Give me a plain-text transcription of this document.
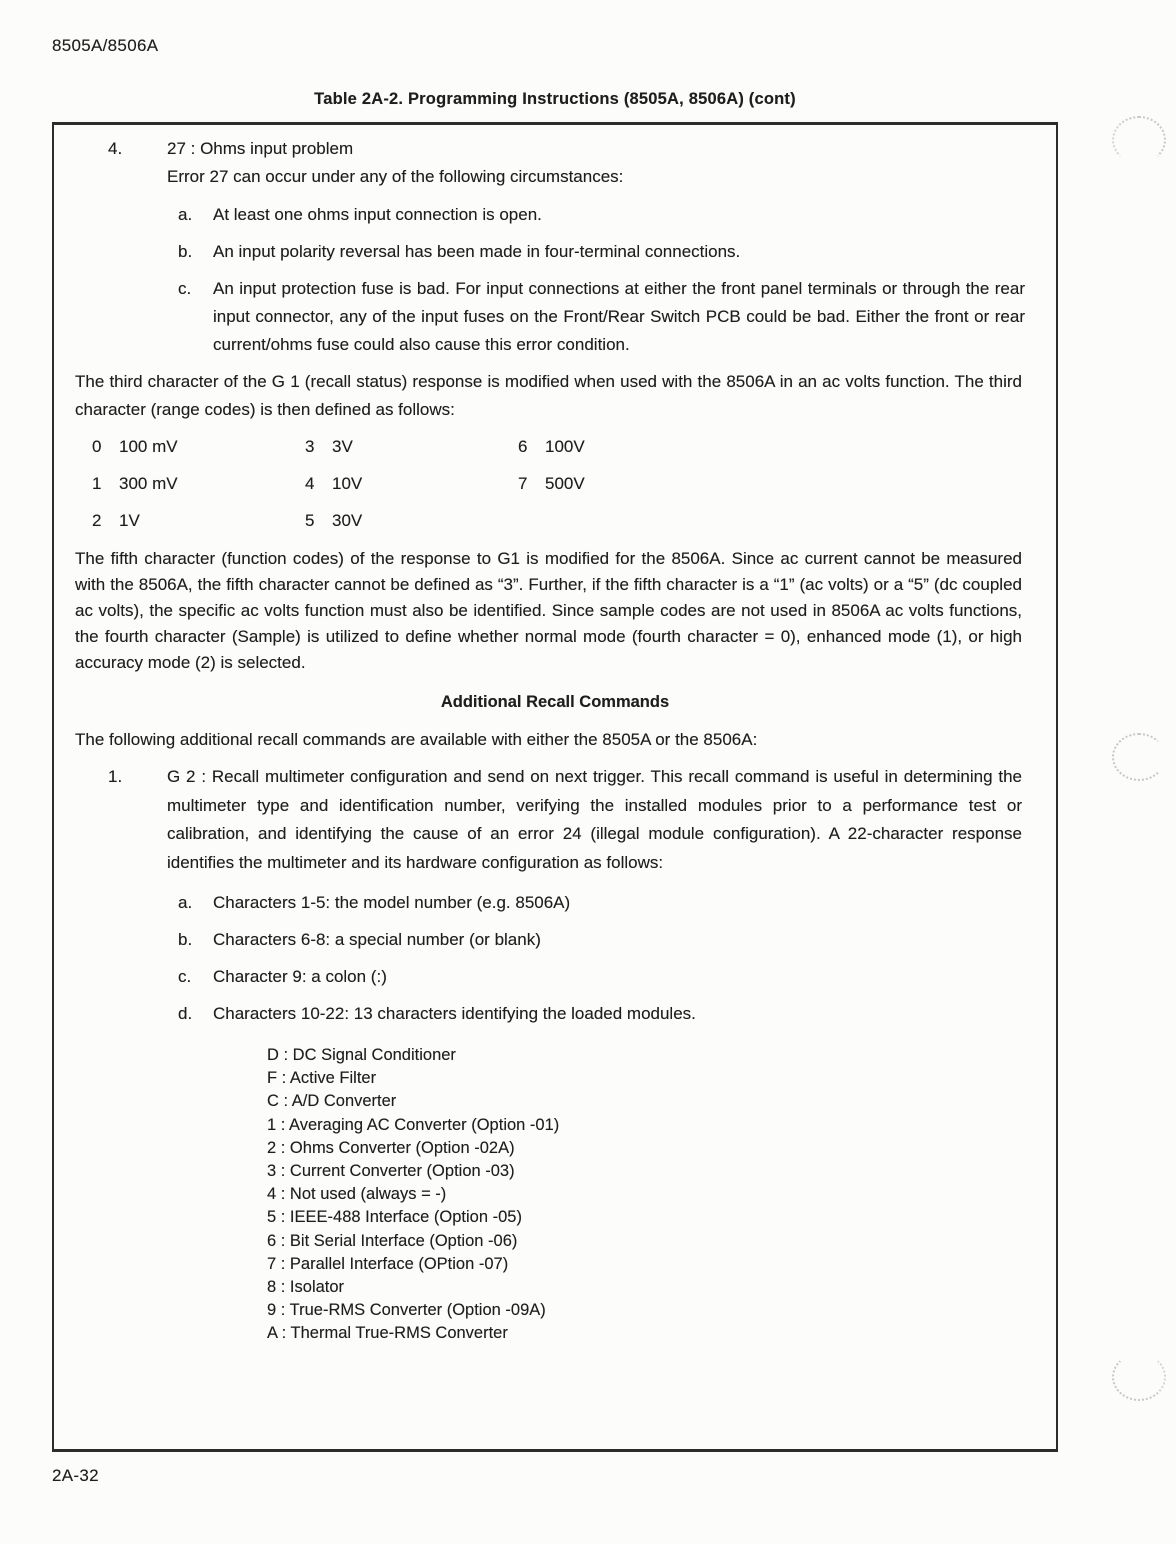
8505A/8506A
Table 2A-2. Programming Instructions (8505A, 8506A) (cont)
4.	27 : Ohms input problem
Error 27 can occur under any of the following circumstances:
a.	At least one ohms input connection is open.
b.	An input polarity reversal has been made in four-terminal connections.
c.	An input protection fuse is bad. For input connections at either the front panel terminals or through the rear input connector, any of the input fuses on the Front/Rear Switch PCB could be bad. Either the front or rear current/ohms fuse could also cause this error condition.
The third character of the G 1 (recall status) response is modified when used with the 8506A in an ac volts function. The third character (range codes) is then defined as follows:
0	100 mV	3	3V	6	100V
1	300 mV	4	10V	7	500V
2	1V	5	30V
The fifth character (function codes) of the response to G1 is modified for the 8506A. Since ac current cannot be measured with the 8506A, the fifth character cannot be defined as “3”. Further, if the fifth character is a “1” (ac volts) or a “5” (dc coupled ac volts), the specific ac volts function must also be identified. Since sample codes are not used in 8506A ac volts functions, the fourth character (Sample) is utilized to define whether normal mode (fourth character = 0), enhanced mode (1), or high accuracy mode (2) is selected.
Additional Recall Commands
The following additional recall commands are available with either the 8505A or the 8506A:
1.	G 2 : Recall multimeter configuration and send on next trigger. This recall command is useful in determining the multimeter type and identification number, verifying the installed modules prior to a performance test or calibration, and identifying the cause of an error 24 (illegal module configuration). A 22-character response identifies the multimeter and its hardware configuration as follows:
a.	Characters 1-5: the model number (e.g. 8506A)
b.	Characters 6-8: a special number (or blank)
c.	Character 9: a colon (:)
d.	Characters 10-22: 13 characters identifying the loaded modules.
D : DC Signal Conditioner
F : Active Filter
C : A/D Converter
1 : Averaging AC Converter (Option -01)
2 : Ohms Converter (Option -02A)
3 : Current Converter (Option -03)
4 : Not used (always = -)
5 : IEEE-488 Interface (Option -05)
6 : Bit Serial Interface (Option -06)
7 : Parallel Interface (OPtion -07)
8 : Isolator
9 : True-RMS Converter (Option -09A)
A : Thermal True-RMS Converter
2A-32
